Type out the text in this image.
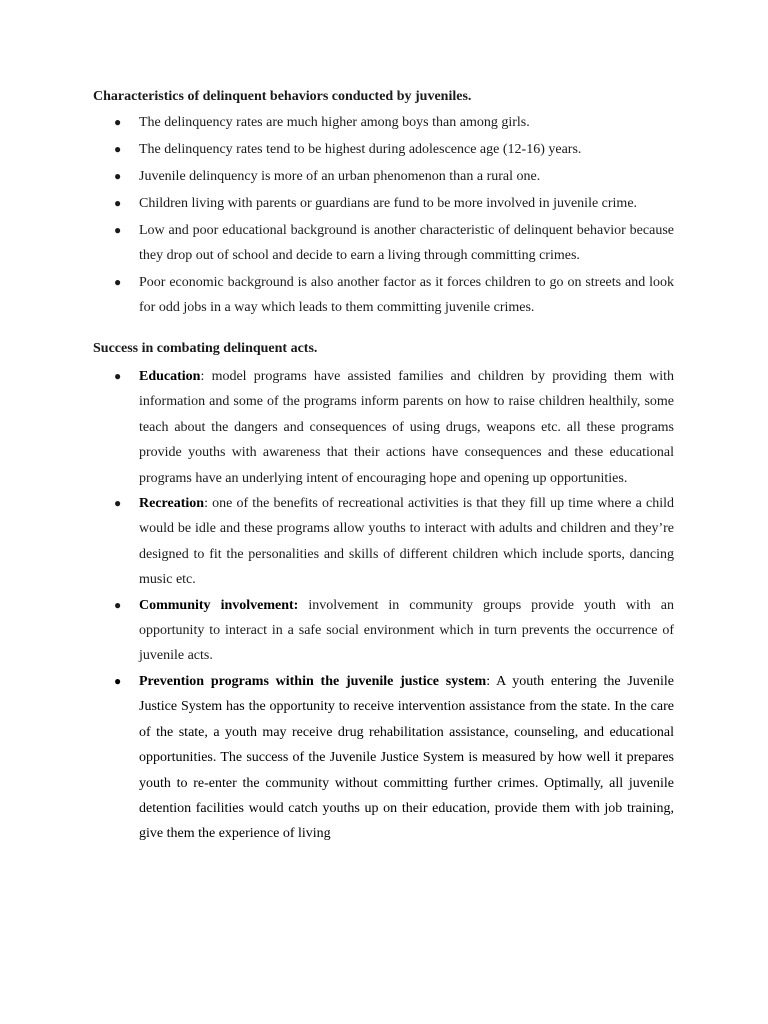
Characteristics of delinquent behaviors conducted by juveniles.

● The delinquency rates are much higher among boys than among girls.
● The delinquency rates tend to be highest during adolescence age (12-16) years.
● Juvenile delinquency is more of an urban phenomenon than a rural one.
● Children living with parents or guardians are fund to be more involved in juvenile crime.
● Low and poor educational background is another characteristic of delinquent behavior because they drop out of school and decide to earn a living through committing crimes.
● Poor economic background is also another factor as it forces children to go on streets and look for odd jobs in a way which leads to them committing juvenile crimes.

Success in combating delinquent acts.

● Education: model programs have assisted families and children by providing them with information and some of the programs inform parents on how to raise children healthily, some teach about the dangers and consequences of using drugs, weapons etc. all these programs provide youths with awareness that their actions have consequences and these educational programs have an underlying intent of encouraging hope and opening up opportunities.
● Recreation: one of the benefits of recreational activities is that they fill up time where a child would be idle and these programs allow youths to interact with adults and children and they’re designed to fit the personalities and skills of different children which include sports, dancing music etc.
● Community involvement: involvement in community groups provide youth with an opportunity to interact in a safe social environment which in turn prevents the occurrence of juvenile acts.
● Prevention programs within the juvenile justice system: A youth entering the Juvenile Justice System has the opportunity to receive intervention assistance from the state. In the care of the state, a youth may receive drug rehabilitation assistance, counseling, and educational opportunities. The success of the Juvenile Justice System is measured by how well it prepares youth to re-enter the community without committing further crimes. Optimally, all juvenile detention facilities would catch youths up on their education, provide them with job training, give them the experience of living
